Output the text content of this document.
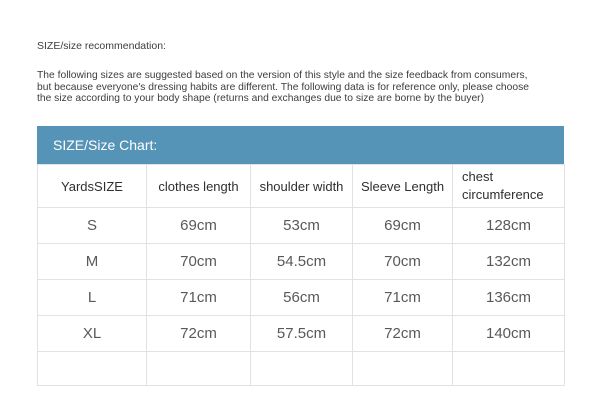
SIZE/size recommendation:
The following sizes are suggested based on the version of this style and the size feedback from consumers,
but because everyone's dressing habits are different. The following data is for reference only, please choose
the size according to your body shape (returns and exchanges due to size are borne by the buyer)
SIZE/Size Chart:
YardsSIZE	clothes length	shoulder width	Sleeve Length	chest circumference
S	69cm	53cm	69cm	128cm
M	70cm	54.5cm	70cm	132cm
L	71cm	56cm	71cm	136cm
XL	72cm	57.5cm	72cm	140cm
